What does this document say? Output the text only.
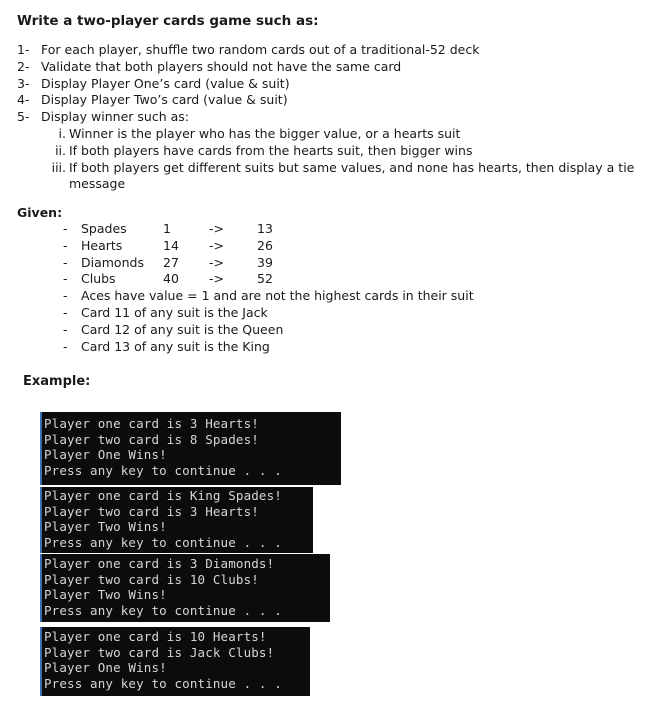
Write a two-player cards game such as:
1- For each player, shuffle two random cards out of a traditional-52 deck
2- Validate that both players should not have the same card
3- Display Player One’s card (value & suit)
4- Display Player Two’s card (value & suit)
5- Display winner such as:
i. Winner is the player who has the bigger value, or a hearts suit
ii. If both players have cards from the hearts suit, then bigger wins
iii. If both players get different suits but same values, and none has hearts, then display a tie message
Given:
- Spades	1	->	13
- Hearts	14 ->	26
- Diamonds 27 ->	39
- Clubs	40 ->	52
- Aces have value = 1 and are not the highest cards in their suit
- Card 11 of any suit is the Jack
- Card 12 of any suit is the Queen
- Card 13 of any suit is the King
Example:
Player one card is 3 Hearts!
Player two card is 8 Spades!
Player One Wins!
Press any key to continue . . .
Player one card is King Spades!
Player two card is 3 Hearts!
Player Two Wins!
Press any key to continue . . .
Player one card is 3 Diamonds!
Player two card is 10 Clubs!
Player Two Wins!
Press any key to continue . . .
Player one card is 10 Hearts!
Player two card is Jack Clubs!
Player One Wins!
Press any key to continue . . .
